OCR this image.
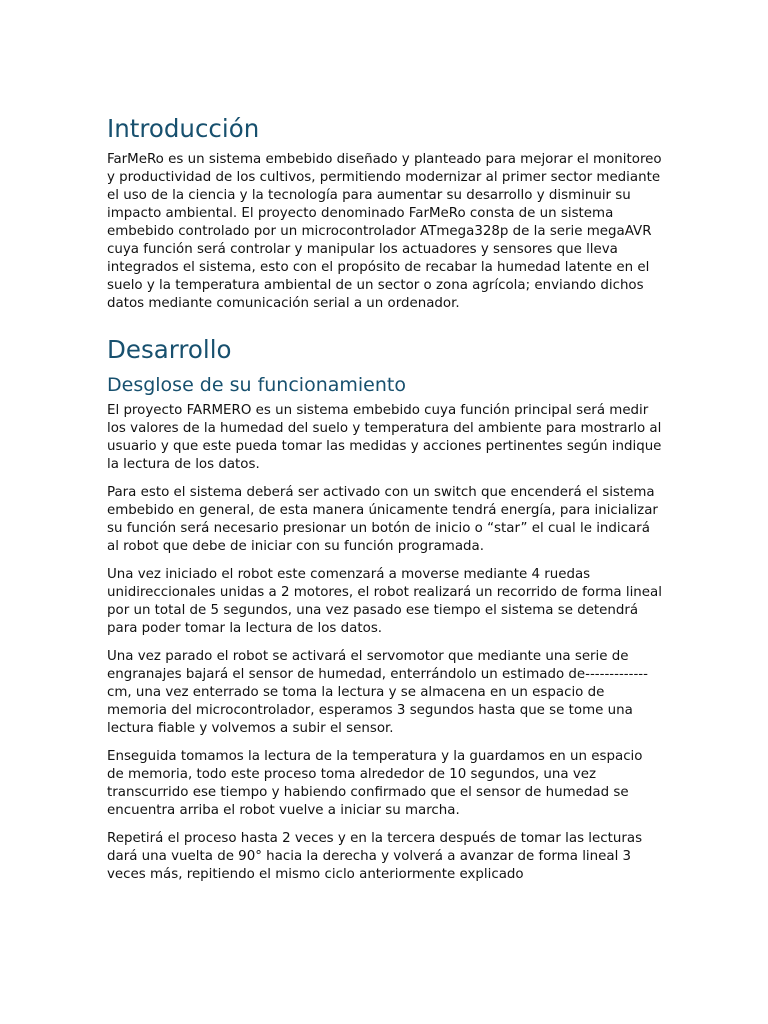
Introducción

FarMeRo es un sistema embebido diseñado y planteado para mejorar el monitoreo y productividad de los cultivos, permitiendo modernizar al primer sector mediante el uso de la ciencia y la tecnología para aumentar su desarrollo y disminuir su impacto ambiental. El proyecto denominado FarMeRo consta de un sistema embebido controlado por un microcontrolador ATmega328p de la serie megaAVR cuya función será controlar y manipular los actuadores y sensores que lleva integrados el sistema, esto con el propósito de recabar la humedad latente en el suelo y la temperatura ambiental de un sector o zona agrícola; enviando dichos datos mediante comunicación serial a un ordenador.

Desarrollo
Desglose de su funcionamiento

El proyecto FARMERO es un sistema embebido cuya función principal será medir los valores de la humedad del suelo y temperatura del ambiente para mostrarlo al usuario y que este pueda tomar las medidas y acciones pertinentes según indique la lectura de los datos.

Para esto el sistema deberá ser activado con un switch que encenderá el sistema embebido en general, de esta manera únicamente tendrá energía, para inicializar su función será necesario presionar un botón de inicio o “star” el cual le indicará al robot que debe de iniciar con su función programada.

Una vez iniciado el robot este comenzará a moverse mediante 4 ruedas unidireccionales unidas a 2 motores, el robot realizará un recorrido de forma lineal por un total de 5 segundos, una vez pasado ese tiempo el sistema se detendrá para poder tomar la lectura de los datos.

Una vez parado el robot se activará el servomotor que mediante una serie de engranajes bajará el sensor de humedad, enterrándolo un estimado de------------- cm, una vez enterrado se toma la lectura y se almacena en un espacio de memoria del microcontrolador, esperamos 3 segundos hasta que se tome una lectura fiable y volvemos a subir el sensor.

Enseguida tomamos la lectura de la temperatura y la guardamos en un espacio de memoria, todo este proceso toma alrededor de 10 segundos, una vez transcurrido ese tiempo y habiendo confirmado que el sensor de humedad se encuentra arriba el robot vuelve a iniciar su marcha.

Repetirá el proceso hasta 2 veces y en la tercera después de tomar las lecturas dará una vuelta de 90° hacia la derecha y volverá a avanzar de forma lineal 3 veces más, repitiendo el mismo ciclo anteriormente explicado
